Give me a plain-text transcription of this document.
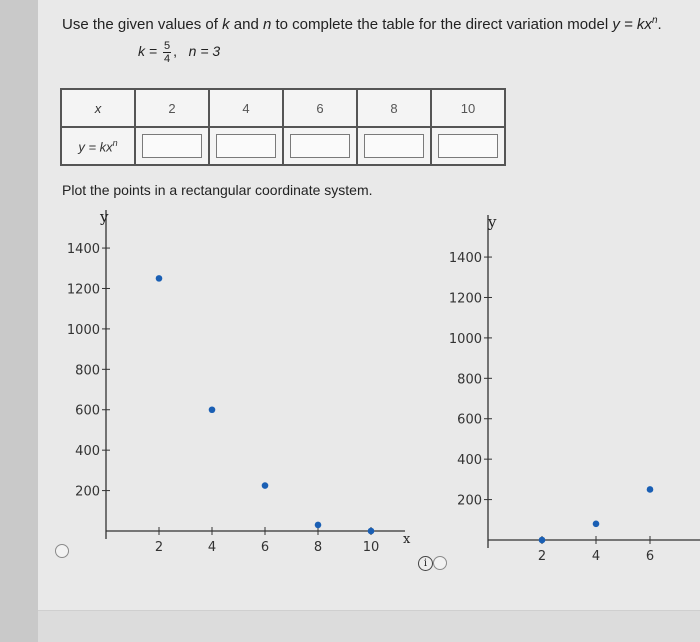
Use the given values of k and n to complete the table for the direct variation model $y = kx^n$.
$k = \frac{5}{4}$ , n = 3
x	2	4	6	8	10
$y = kx^n$					
Plot the points in a rectangular coordinate system.
i
y
x
200
400
600
800
1000
1200
1400
2	4	6	8	10
y
200
400
600
800
1000
1200
1400
2	4	6
